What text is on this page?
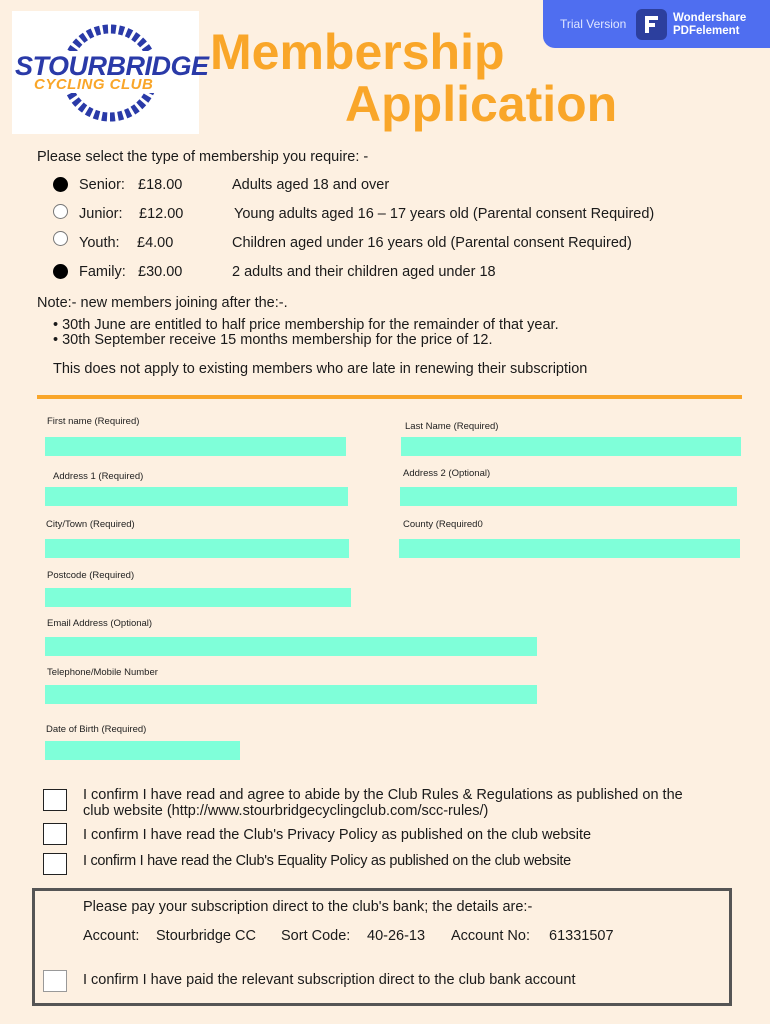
STOURBRIDGE
CYCLING CLUB
Membership
Application
Trial Version	Wondershare
PDFelement
Please select the type of membership you require: -
Senior: £18.00	Adults aged 18 and over
Junior: £12.00	Young adults aged 16 – 17 years old (Parental consent Required)
Youth: £4.00	Children aged under 16 years old (Parental consent Required)
Family: £30.00	2 adults and their children aged under 18
Note:- new members joining after the:-.
• 30th June are entitled to half price membership for the remainder of that year.
• 30th September receive 15 months membership for the price of 12.
This does not apply to existing members who are late in renewing their subscription
First name (Required)	Last Name (Required)
Address 1 (Required)	Address 2 (Optional)
City/Town (Required)	County (Required0
Postcode (Required)
Email Address (Optional)
Telephone/Mobile Number
Date of Birth (Required)
I confirm I have read and agree to abide by the Club Rules & Regulations as published on the
club website (http://www.stourbridgecyclingclub.com/scc-rules/)
I confirm I have read the Club's Privacy Policy as published on the club website
I confirm I have read the Club's Equality Policy as published on the club website
Please pay your subscription direct to the club's bank; the details are:-
Account: Stourbridge CC Sort Code: 40-26-13 Account No: 61331507
I confirm I have paid the relevant subscription direct to the club bank account
